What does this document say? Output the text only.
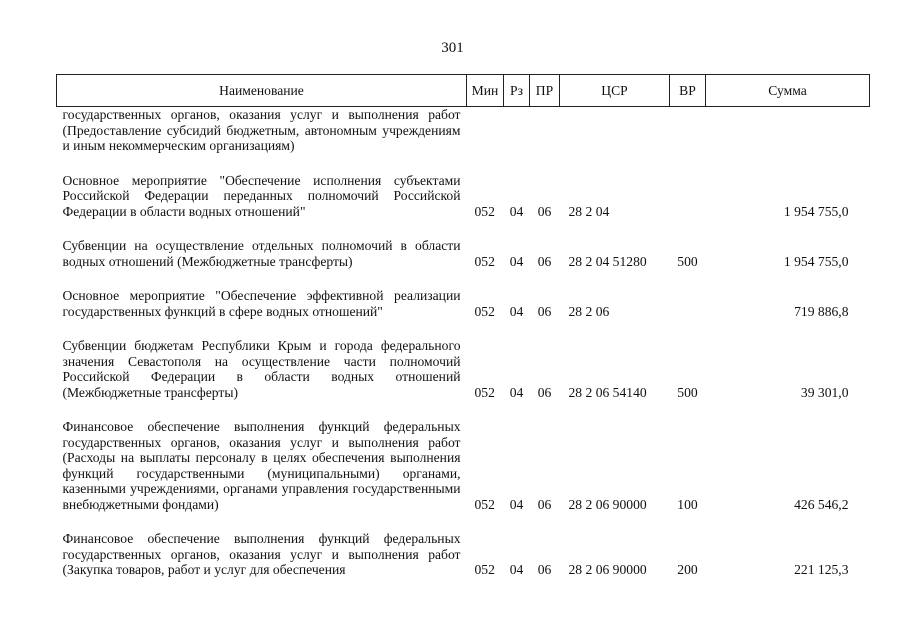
301
Наименование	Мин	Рз	ПР	ЦСР	ВР	Сумма
государственных органов, оказания услуг и выполнения работ (Предоставление субсидий бюджетным, автономным учреждениям и иным некоммерческим организациям)						

Основное мероприятие "Обеспечение исполнения субъектами Российской Федерации переданных полномочий Российской Федерации в области водных отношений"	052	04	06	28 2 04		1 954 755,0

Субвенции на осуществление отдельных полномочий в области водных отношений (Межбюджетные трансферты)	052	04	06	28 2 04 51280	500	1 954 755,0

Основное мероприятие "Обеспечение эффективной реализации государственных функций в сфере водных отношений"	052	04	06	28 2 06		719 886,8

Субвенции бюджетам Республики Крым и города федерального значения Севастополя на осуществление части полномочий Российской Федерации в области водных отношений (Межбюджетные трансферты)	052	04	06	28 2 06 54140	500	39 301,0

Финансовое обеспечение выполнения функций федеральных государственных органов, оказания услуг и выполнения работ (Расходы на выплаты персоналу в целях обеспечения выполнения функций государственными (муниципальными) органами, казенными учреждениями, органами управления государственными внебюджетными фондами)	052	04	06	28 2 06 90000	100	426 546,2

Финансовое обеспечение выполнения функций федеральных государственных органов, оказания услуг и выполнения работ (Закупка товаров, работ и услуг для обеспечения	052	04	06	28 2 06 90000	200	221 125,3
